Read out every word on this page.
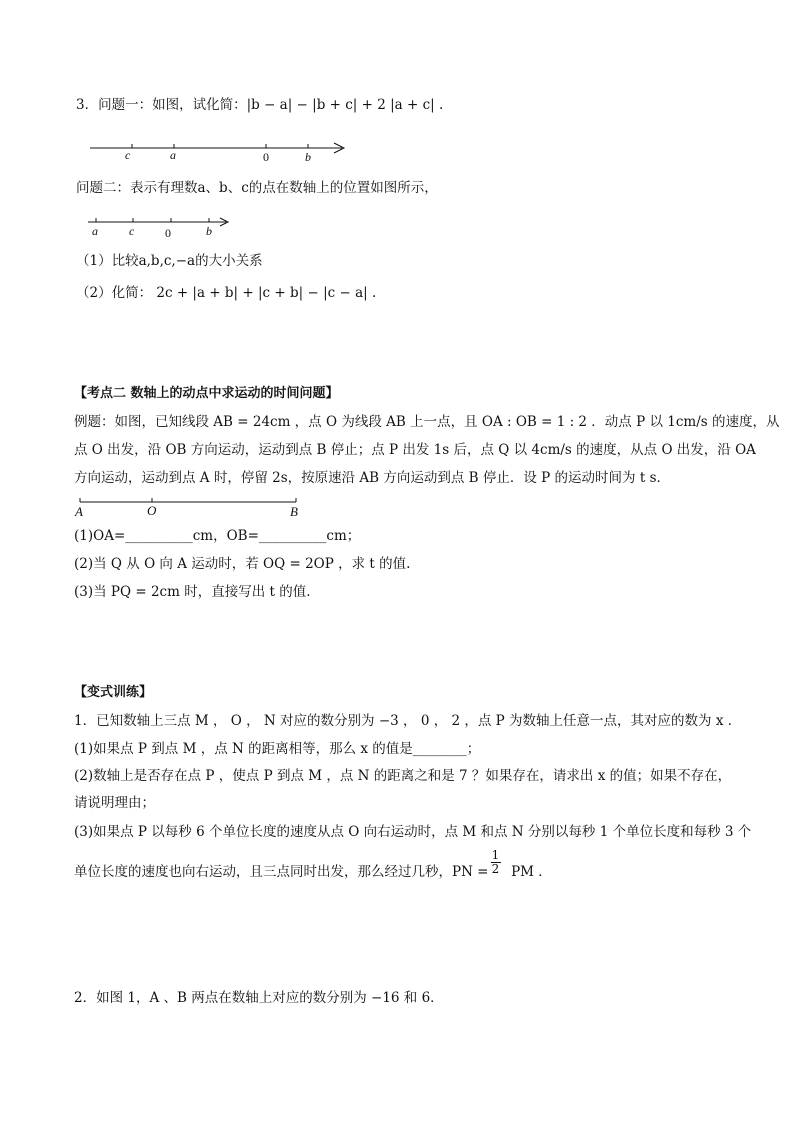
3．问题一：如图，试化简：|b − a| − |b + c| + 2 |a + c| .
c	a	0	b
问题二：表示有理数a、b、c的点在数轴上的位置如图所示，
a	c	0	b
（1）比较a,b,c,−a的大小关系
（2）化简： 2c + |a + b| + |c + b| − |c − a| .
【考点二 数轴上的动点中求运动的时间问题】
例题：如图，已知线段 AB = 24cm ，点 O 为线段 AB 上一点，且 OA : OB = 1 : 2 ．动点 P 以 1cm/s 的速度，从
点 O 出发，沿 OB 方向运动，运动到点 B 停止；点 P 出发 1s 后，点 Q 以 4cm/s 的速度，从点 O 出发，沿 OA
方向运动，运动到点 A 时，停留 2s，按原速沿 AB 方向运动到点 B 停止．设 P 的运动时间为 t s．
A	O	B
(1)OA=__________cm，OB=__________cm；
(2)当 Q 从 O 向 A 运动时，若 OQ = 2OP ，求 t 的值.
(3)当 PQ = 2cm 时，直接写出 t 的值.
【变式训练】
1．已知数轴上三点 M ， O ， N 对应的数分别为 −3 ， 0 ， 2 ，点 P 为数轴上任意一点，其对应的数为 x ．
(1)如果点 P 到点 M ，点 N 的距离相等，那么 x 的值是________；
(2)数轴上是否存在点 P ，使点 P 到点 M ，点 N 的距离之和是 7 ？如果存在，请求出 x 的值；如果不存在，
请说明理由；
(3)如果点 P 以每秒 6 个单位长度的速度从点 O 向右运动时，点 M 和点 N 分别以每秒 1 个单位长度和每秒 3 个
单位长度的速度也向右运动，且三点同时出发，那么经过几秒，PN = PM ．
$\frac{1}{2}$
2．如图 1，A 、B 两点在数轴上对应的数分别为 −16 和 6．
